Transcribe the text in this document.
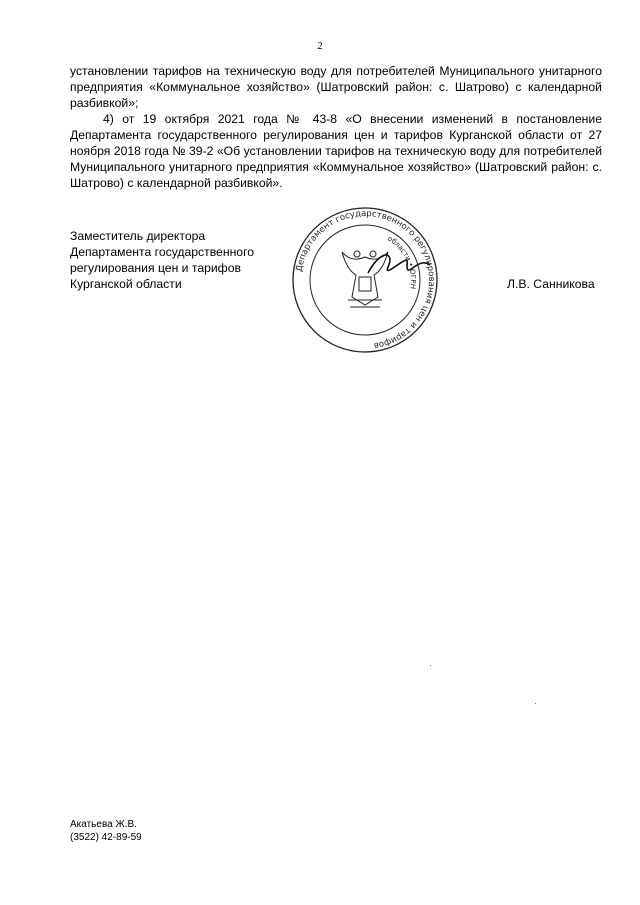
2

установлении тарифов на техническую воду для потребителей Муниципального унитарного предприятия «Коммунальное хозяйство» (Шатровский район: с. Шатрово) с календарной разбивкой»;

4) от 19 октября 2021 года № 43-8 «О внесении изменений в постановление Департамента государственного регулирования цен и тарифов Курганской области от 27 ноября 2018 года № 39-2 «Об установлении тарифов на техническую воду для потребителей Муниципального унитарного предприятия «Коммунальное хозяйство» (Шатровский район: с. Шатрово) с календарной разбивкой».

Заместитель директора
Департамента государственного
регулирования цен и тарифов
Курганской области
Департамент государственного регулирования цен и тарифов
области • ОГРН	Л.В. Санникова
Акатьева Ж.В.
(3522) 42-89-59
